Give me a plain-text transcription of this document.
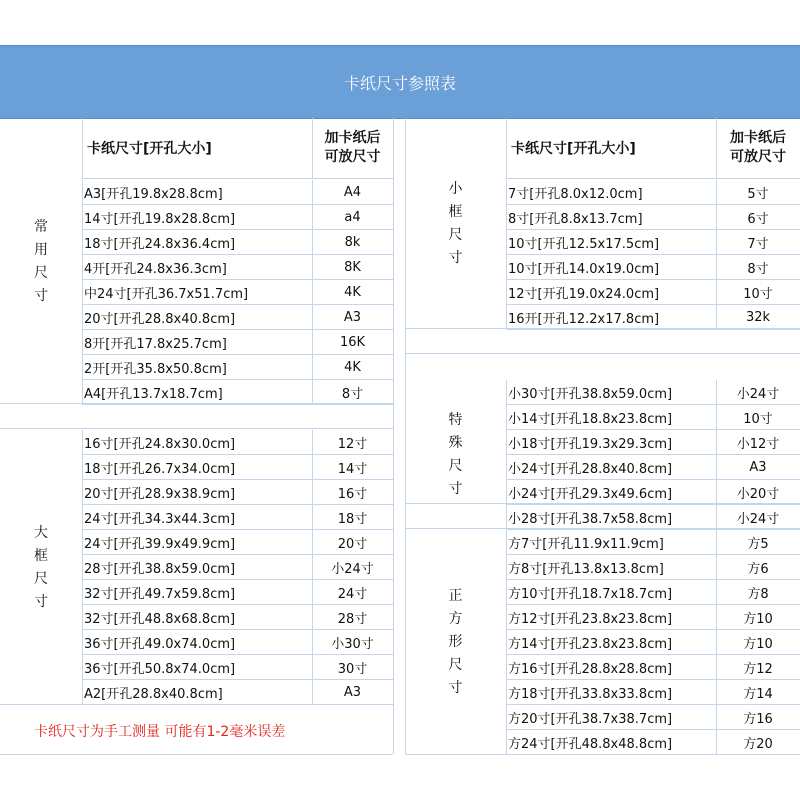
卡纸尺寸参照表
卡纸尺寸[开孔大小]
加卡纸后
可放尺寸
A3[开孔19.8x28.8cm]	A4
14寸[开孔19.8x28.8cm]	a4
18寸[开孔24.8x36.4cm]	8k
4开[开孔24.8x36.3cm]	8K
中24寸[开孔36.7x51.7cm]	4K
20寸[开孔28.8x40.8cm]	A3
8开[开孔17.8x25.7cm]	16K
2开[开孔35.8x50.8cm]	4K
A4[开孔13.7x18.7cm]	8寸
常
用
尺
寸
16寸[开孔24.8x30.0cm]	12寸
18寸[开孔26.7x34.0cm]	14寸
20寸[开孔28.9x38.9cm]	16寸
24寸[开孔34.3x44.3cm]	18寸
24寸[开孔39.9x49.9cm]	20寸
28寸[开孔38.8x59.0cm]	小24寸
32寸[开孔49.7x59.8cm]	24寸
32寸[开孔48.8x68.8cm]	28寸
36寸[开孔49.0x74.0cm]	小30寸
36寸[开孔50.8x74.0cm]	30寸
A2[开孔28.8x40.8cm]	A3
大
框
尺
寸
卡纸尺寸[开孔大小]
加卡纸后
可放尺寸
7寸[开孔8.0x12.0cm]	5寸
8寸[开孔8.8x13.7cm]	6寸
10寸[开孔12.5x17.5cm]	7寸
10寸[开孔14.0x19.0cm]	8寸
12寸[开孔19.0x24.0cm]	10寸
16开[开孔12.2x17.8cm]	32k
小
框
尺
寸
小30寸[开孔38.8x59.0cm]	小24寸
小14寸[开孔18.8x23.8cm]	10寸
小18寸[开孔19.3x29.3cm]	小12寸
小24寸[开孔28.8x40.8cm]	A3
小24寸[开孔29.3x49.6cm]	小20寸
小28寸[开孔38.7x58.8cm]	小24寸
特
殊
尺
寸
方7寸[开孔11.9x11.9cm]	方5
方8寸[开孔13.8x13.8cm]	方6
方10寸[开孔18.7x18.7cm]	方8
方12寸[开孔23.8x23.8cm]	方10
方14寸[开孔23.8x23.8cm]	方10
方16寸[开孔28.8x28.8cm]	方12
方18寸[开孔33.8x33.8cm]	方14
方20寸[开孔38.7x38.7cm]	方16
方24寸[开孔48.8x48.8cm]	方20
正
方
形
尺
寸
卡纸尺寸为手工测量 可能有1-2毫米误差
